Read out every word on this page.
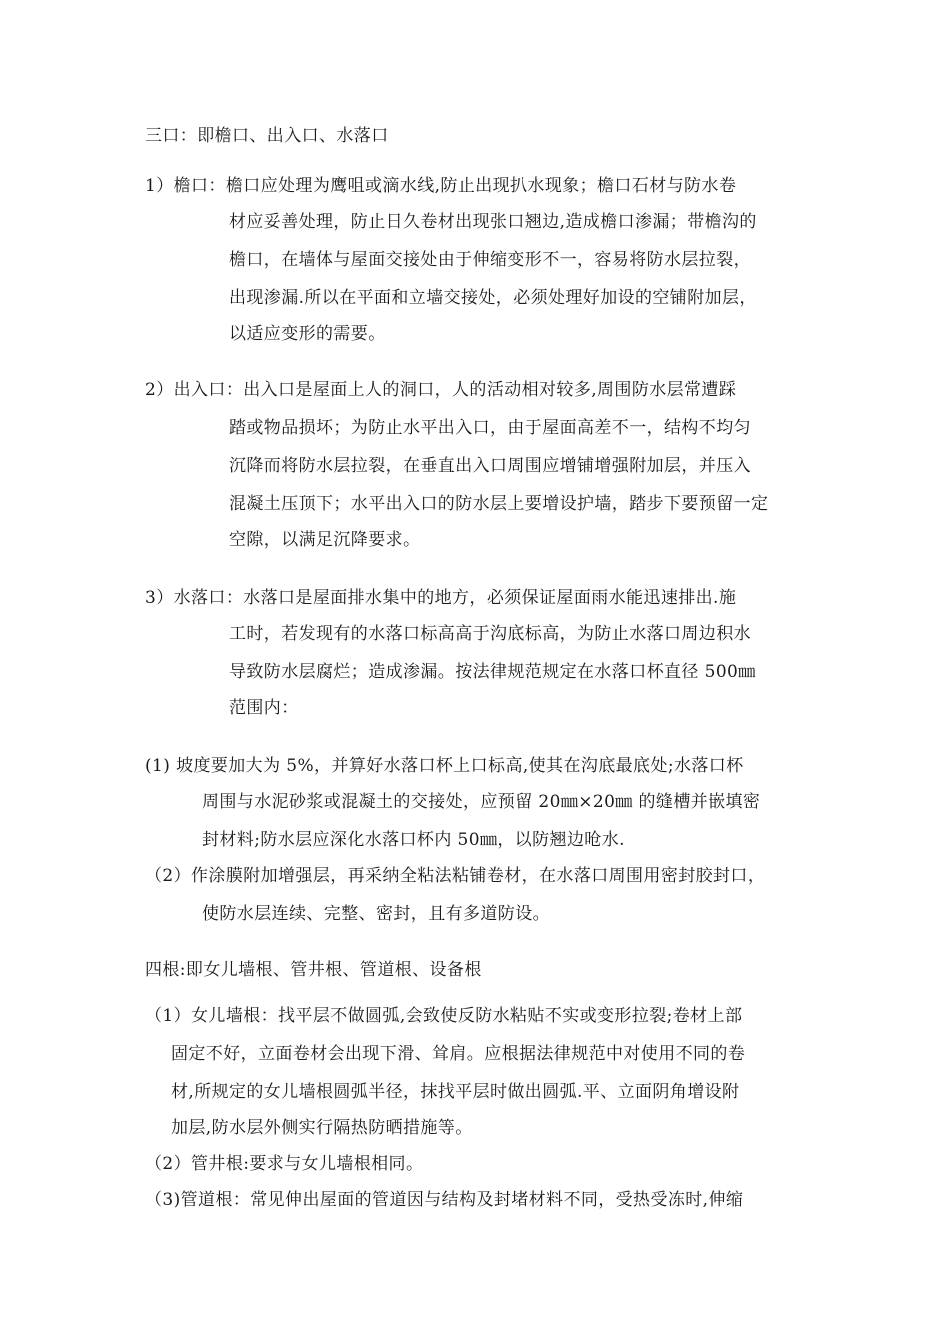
三口：即檐口、出入口、水落口
1）檐口：檐口应处理为鹰咀或滴水线,防止出现扒水现象；檐口石材与防水卷
材应妥善处理，防止日久卷材出现张口翘边,造成檐口渗漏；带檐沟的
檐口，在墙体与屋面交接处由于伸缩变形不一，容易将防水层拉裂，
出现渗漏.所以在平面和立墙交接处，必须处理好加设的空铺附加层，
以适应变形的需要。
2）出入口：出入口是屋面上人的洞口，人的活动相对较多,周围防水层常遭踩
踏或物品损坏；为防止水平出入口，由于屋面高差不一，结构不均匀
沉降而将防水层拉裂，在垂直出入口周围应增铺增强附加层，并压入
混凝土压顶下；水平出入口的防水层上要增设护墙，踏步下要预留一定
空隙，以满足沉降要求。
3）水落口：水落口是屋面排水集中的地方，必须保证屋面雨水能迅速排出.施
工时，若发现有的水落口标高高于沟底标高，为防止水落口周边积水
导致防水层腐烂；造成渗漏。按法律规范规定在水落口杯直径 500㎜
范围内：
(1) 坡度要加大为 5%，并算好水落口杯上口标高,使其在沟底最底处;水落口杯
周围与水泥砂浆或混凝土的交接处，应预留 20㎜×20㎜ 的缝槽并嵌填密
封材料;防水层应深化水落口杯内 50㎜，以防翘边呛水.
（2）作涂膜附加增强层，再采纳全粘法粘铺卷材，在水落口周围用密封胶封口，
使防水层连续、完整、密封，且有多道防设。
四根:即女儿墙根、管井根、管道根、设备根
（1）女儿墙根：找平层不做圆弧,会致使反防水粘贴不实或变形拉裂;卷材上部
固定不好，立面卷材会出现下滑、耸肩。应根据法律规范中对使用不同的卷
材,所规定的女儿墙根圆弧半径，抹找平层时做出圆弧.平、立面阴角增设附
加层,防水层外侧实行隔热防晒措施等。
（2）管井根:要求与女儿墙根相同。
（3)管道根：常见伸出屋面的管道因与结构及封堵材料不同，受热受冻时,伸缩
